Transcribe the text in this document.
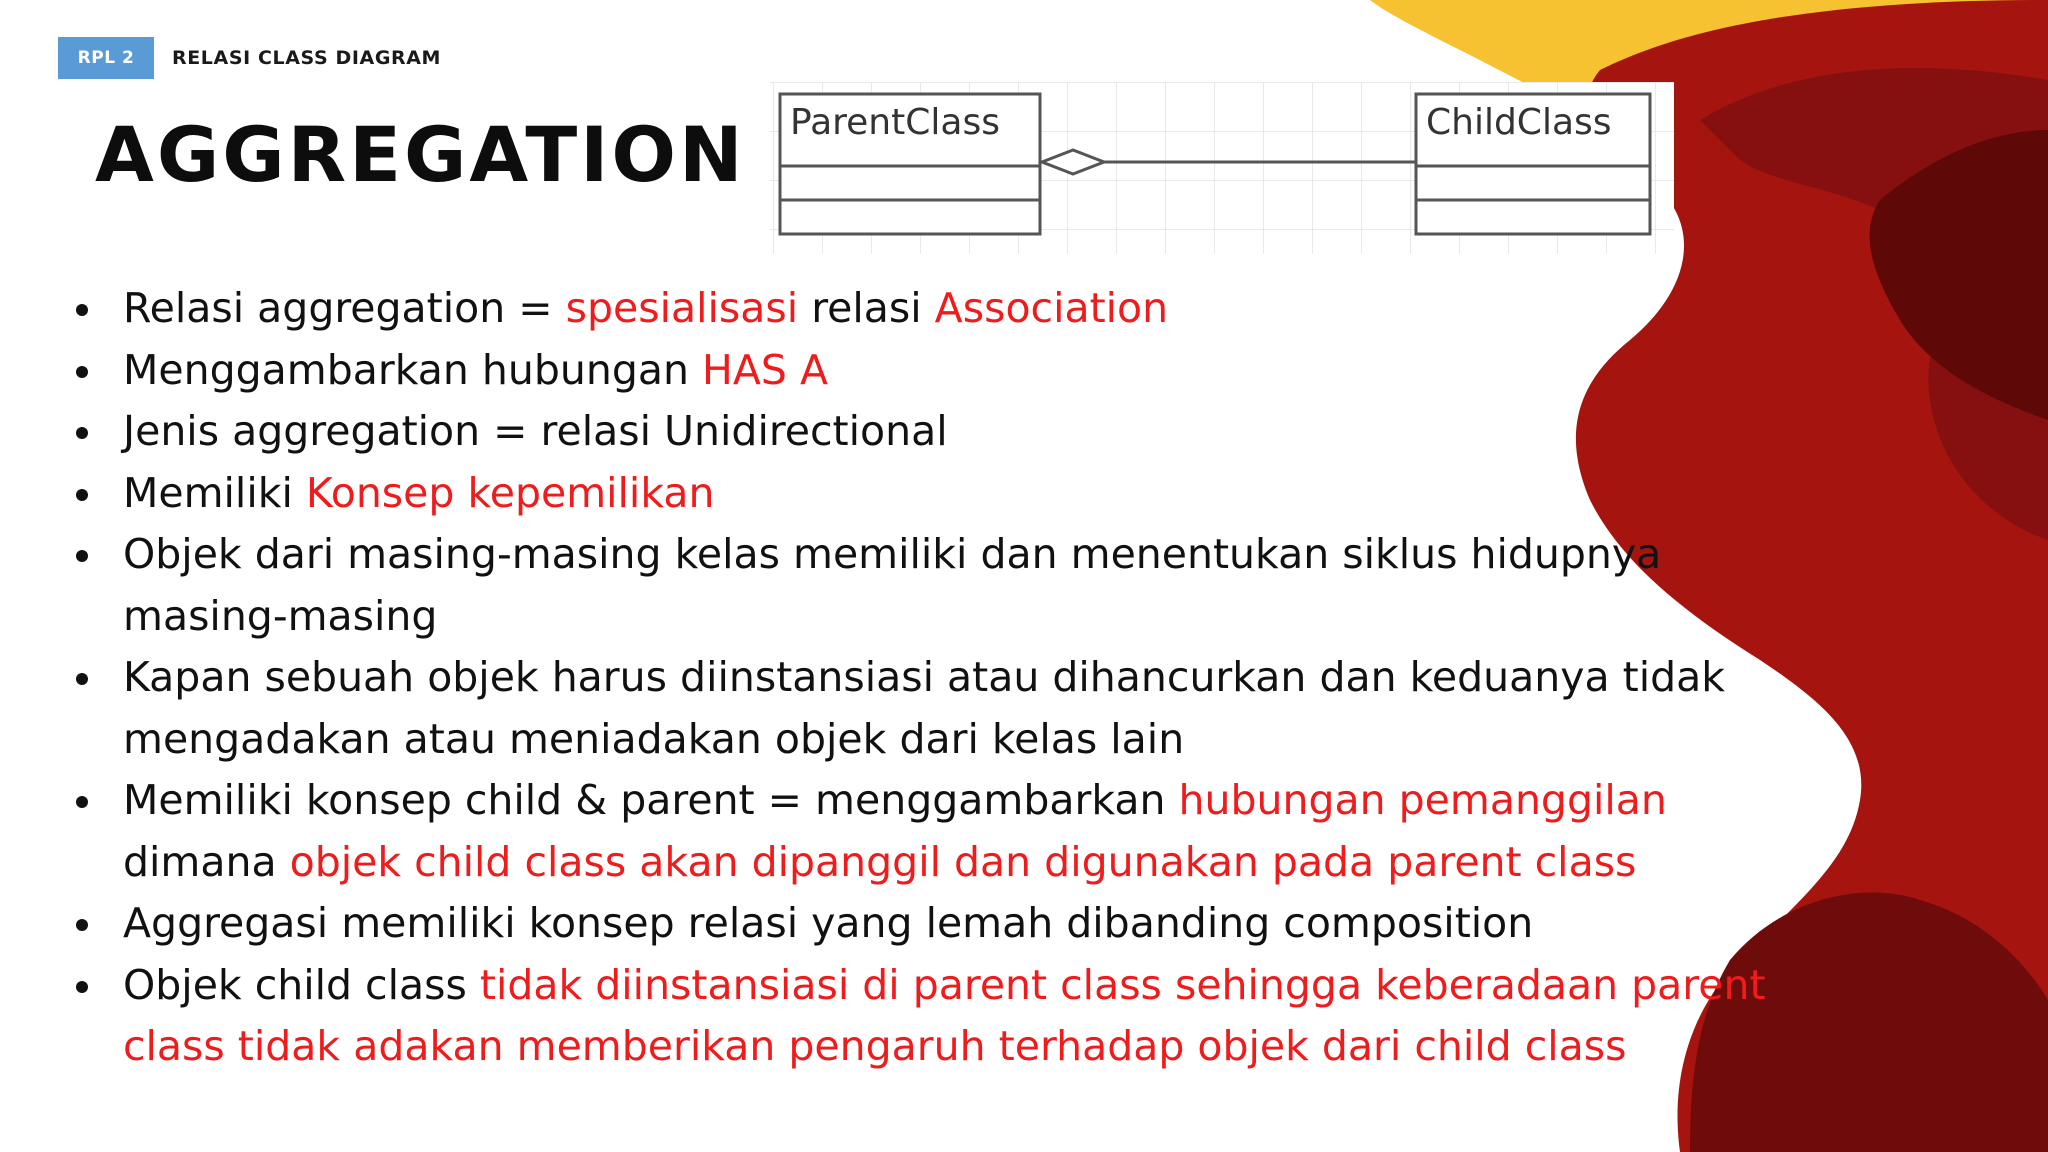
RPL 2	RELASI CLASS DIAGRAM
AGGREGATION ParentClass	ChildClass
Relasi aggregation = spesialisasi relasi Association
Menggambarkan hubungan HAS A
Jenis aggregation = relasi Unidirectional
Memiliki Konsep kepemilikan
Objek dari masing-masing kelas memiliki dan menentukan siklus hidupnya masing-masing
Kapan sebuah objek harus diinstansiasi atau dihancurkan dan keduanya tidak mengadakan atau meniadakan objek dari kelas lain
Memiliki konsep child & parent = menggambarkan hubungan pemanggilan dimana objek child class akan dipanggil dan digunakan pada parent class
Aggregasi memiliki konsep relasi yang lemah dibanding composition
Objek child class tidak diinstansiasi di parent class sehingga keberadaan parent class tidak adakan memberikan pengaruh terhadap objek dari child class
